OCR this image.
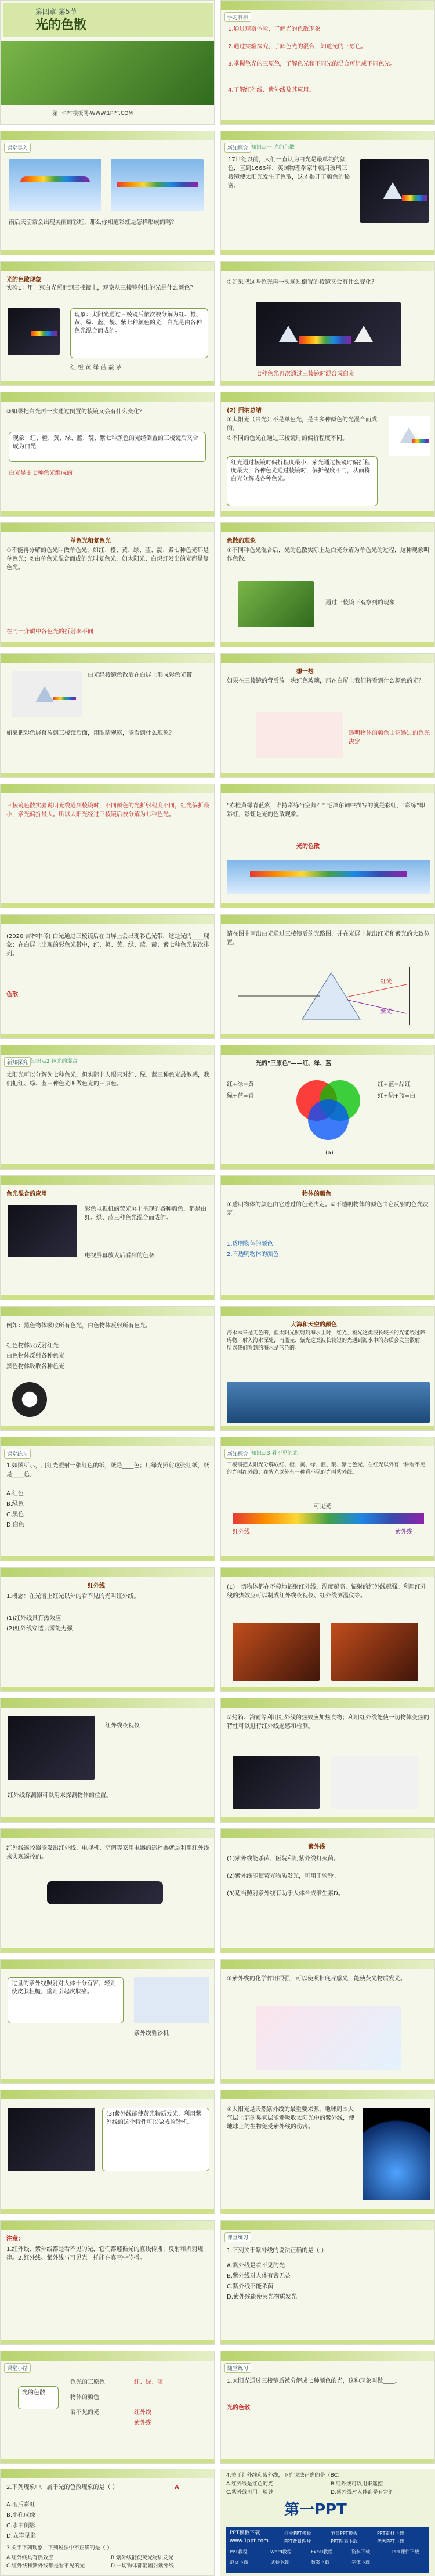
第四章 第5节
光的色散
第一PPT模板网-WWW.1PPT.COM
学习目标
1.通过观察体验，了解光的色散现象。
2.通过实验探究，了解色光的混合，知道光的三原色。
3.掌握色光的三原色，了解色光和不同光的混合可组成不同色光。
4.了解红外线、紫外线及其应用。
课堂导入
雨后天空常会出现美丽的彩虹，那么你知道彩虹是怎样形成的吗？
新知探究 知识点一 光的色散
17世纪以前，人们一直认为白光是最单纯的颜色，直到1666年，英国物理学家牛顿用玻璃三棱镜使太阳光发生了色散，这才揭开了颜色的秘密。
光的色散现象
实验1：用一束白光照射到三棱镜上，观察从三棱镜射出的光是什么颜色？
现象：太阳光通过三棱镜后依次被分解为红、橙、黄、绿、蓝、靛、紫七种颜色的光，白光是由各种色光混合而成的。
红 橙 黄 绿 蓝 靛 紫
②如果把这些色光再一次通过倒置的棱镜又会有什么变化？
七种色光再次通过三棱镜时混合成白光
②如果把白光再一次通过倒置的棱镜又会有什么变化？
现象：红、橙、黄、绿、蓝、靛、紫七种颜色的光经倒置的三棱镜后又合成为白光
白光是由七种色光组成的
(2) 归纳总结
①太阳光（白光）不是单色光，是由多种颜色的光混合而成的。
②不同的色光在通过三棱镜时的偏折程度不同。
红光通过棱镜时偏折程度最小，紫光通过棱镜时偏折程度最大，各种色光通过棱镜时，偏折程度不同，从而将白光分解成各种色光。
单色光和复色光
①不能再分解的色光叫做单色光，如红、橙、黄、绿、蓝、靛、紫七种色光都是单色光；②由单色光混合而成的光叫复色光，如太阳光、白炽灯发出的光都是复色光。
在同一介质中各色光的折射率不同
色散的现象
①不同种色光混合后，光的色散实际上是白光分解为单色光的过程，这种现象叫作色散。
通过三棱镜下观察到的现象
白光经棱镜色散后在白屏上形成彩色光带
如果把彩色屏幕放到三棱镜后面，用眼睛观察，能看到什么现象？
想一想
如果在三棱镜的背后放一块红色玻璃，那在白屏上我们将看到什么颜色的光？
透明物体的颜色由它透过的色光决定
三棱镜色散实验说明光线遇到棱镜时，不同颜色的光折射程度不同，红光偏折最小，紫光偏折最大。所以太阳光经过三棱镜后被分解为七种色光。
"赤橙黄绿青蓝紫，谁持彩练当空舞？" 毛泽东词中描写的就是彩虹，"彩练"即彩虹，彩虹是光的色散现象。
光的色散
(2020·吉林中考) 白光通过三棱镜后在白屏上会出现彩色光带，这是光的____现象；在白屏上出现的彩色光带中，红、橙、黄、绿、蓝、靛、紫七种色光依次排列。
色散
请在图中画出白光通过三棱镜后的光路图，并在光屏上标出红光和紫光的大致位置。
红光
紫光
新知探究 知识点2 色光的混合
太阳光可以分解为七种色光，但实际上人眼只对红、绿、蓝三种色光最敏感，我们把红、绿、蓝三种色光叫做色光的三原色。
光的"三原色"——红、绿、蓝
红+绿=黄
绿+蓝=青
红+蓝=品红
红+绿+蓝=白
(a)
色光混合的应用
彩色电视机的荧光屏上呈现的各种颜色，都是由红、绿、蓝三种色光混合而成的。
电视屏幕放大后看到的色条
物体的颜色
①透明物体的颜色由它透过的色光决定。②不透明物体的颜色由它反射的色光决定。
1.透明物体的颜色
2.不透明物体的颜色
例如：黑色物体吸收所有色光，白色物体反射所有色光。
红色物体只反射红光
白色物体反射各种色光
黑色物体吸收各种色光
大海和天空的颜色
海水本来是无色的，但太阳光照射到海水上时，红光、橙光这类波长较长的光能绕过障碍物，射入海水深处，而蓝光、紫光这类波长较短的光遇到海水中的杂质会发生散射，所以我们看到的海水是蓝色的。
课堂练习
1.如图所示，用红光照射一张红色的纸，纸是____色；用绿光照射这张红纸，纸是____色。
A.红色
B.绿色
C.黑色
D.白色
新知探究 知识点3 看不见的光
三棱镜把太阳光分解成红、橙、黄、绿、蓝、靛、紫七色光，在红光以外有一种看不见的光叫红外线；在紫光以外有一种看不见的光叫紫外线。
可见光
红外线	紫外线
红外线
1.概念：在光谱上红光以外的看不见的光叫红外线。
(1)红外线具有热效应
(2)红外线穿透云雾能力强
(1)一切物体都在不停地辐射红外线，温度越高，辐射的红外线越强。利用红外线的热效应可以制成红外线夜视仪、红外线测温仪等。
红外线夜视仪
红外线探测器可以用来探测物体的位置。
②烤箱、浴霸等利用红外线的热效应加热食物；利用红外线能使一切物体变热的特性可以进行红外线遥感和检测。
红外线遥控器能发出红外线，电视机、空调等家用电器的遥控器就是利用红外线来实现遥控的。
紫外线
(1)紫外线能杀菌，医院利用紫外线灯灭菌。
(2)紫外线能使荧光物质发光，可用于验钞。
(3)适当照射紫外线有助于人体合成维生素D。
过量的紫外线照射对人体十分有害，轻则使皮肤粗糙，重则引起皮肤癌。
紫外线验钞机
③紫外线的化学作用很强，可以使照相底片感光，能使荧光物质发光。
(3)紫外线能使荧光物质发光，利用紫外线的这个特性可以做成验钞机。
④太阳光是天然紫外线的最重要来源，地球周围大气层上部的臭氧层能够吸收太阳光中的紫外线，使地球上的生物免受紫外线的伤害。
注意：
1.红外线、紫外线都是看不见的光，它们都遵循光的直线传播、反射和折射规律。2.红外线、紫外线与可见光一样能在真空中传播。
课堂练习
1.下列关于紫外线的说法正确的是（ ）
A.紫外线是看不见的光
B.紫外线对人体有害无益
C.紫外线不能杀菌
D.紫外线能使荧光物质发光
课堂小结
光的色散
色光的三原色
物体的颜色
看不见的光
红、绿、蓝
红外线
紫外线
随堂练习
1.太阳光通过三棱镜后被分解成七种颜色的光，这种现象叫做____。
光的色散
2.下列现象中，属于光的色散现象的是（ ）
A.雨后彩虹
B.小孔成像
C.水中倒影
D.立竿见影
A
3.关于下列现象，下列说法中不正确的是（ ）
A.红外线具有热效应	B.紫外线能使荧光物质发光
C.红外线和紫外线都是看不见的光	D.一切物体都能辐射紫外线
4.关于红外线和紫外线，下列说法正确的是（BC）
A.红外线是红色的光	B.红外线可以用来遥控
C.紫外线可用于验钞	D.紫外线对人体都是有害的
第一PPT
PPT模板下载
www.1ppt.com
行业PPT模板	节日PPT模板	PPT素材下载
PPT背景图片	PPT图表下载	优秀PPT下载
PPT教程	Word教程	Excel教程	资料下载	PPT课件下载
范文下载	试卷下载	教案下载	字体下载
